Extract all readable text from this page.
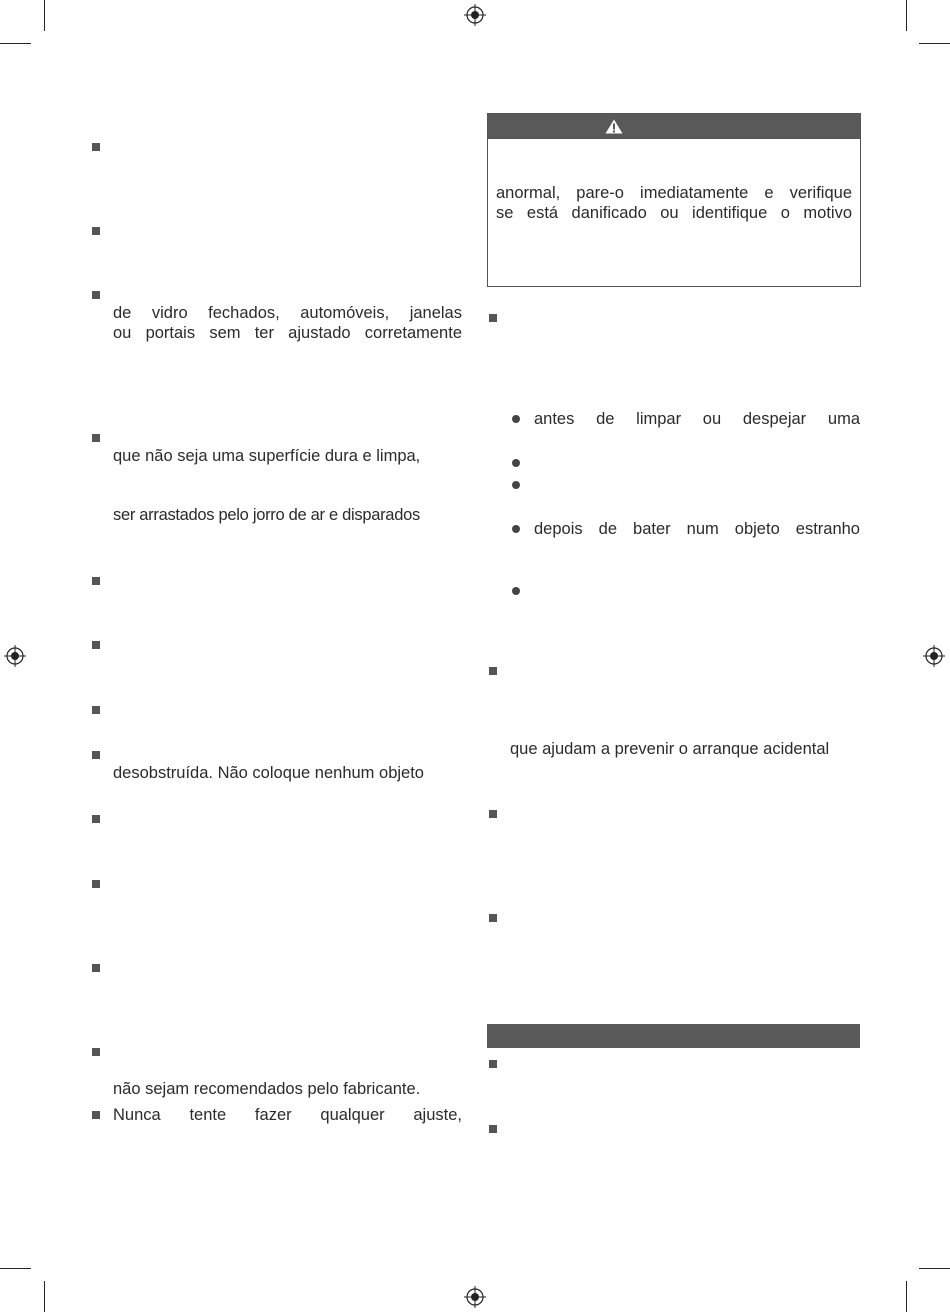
de vidro fechados, automóveis, janelas
ou portais sem ter ajustado corretamente
que não seja uma superfície dura e limpa,
ser arrastados pelo jorro de ar e disparados
desobstruída. Não coloque nenhum objeto
não sejam recomendados pelo fabricante.
Nunca tente fazer qualquer ajuste,
anormal, pare-o imediatamente e verifique
se está danificado ou identifique o motivo
antes de limpar ou despejar uma
depois de bater num objeto estranho
que ajudam a prevenir o arranque acidental
